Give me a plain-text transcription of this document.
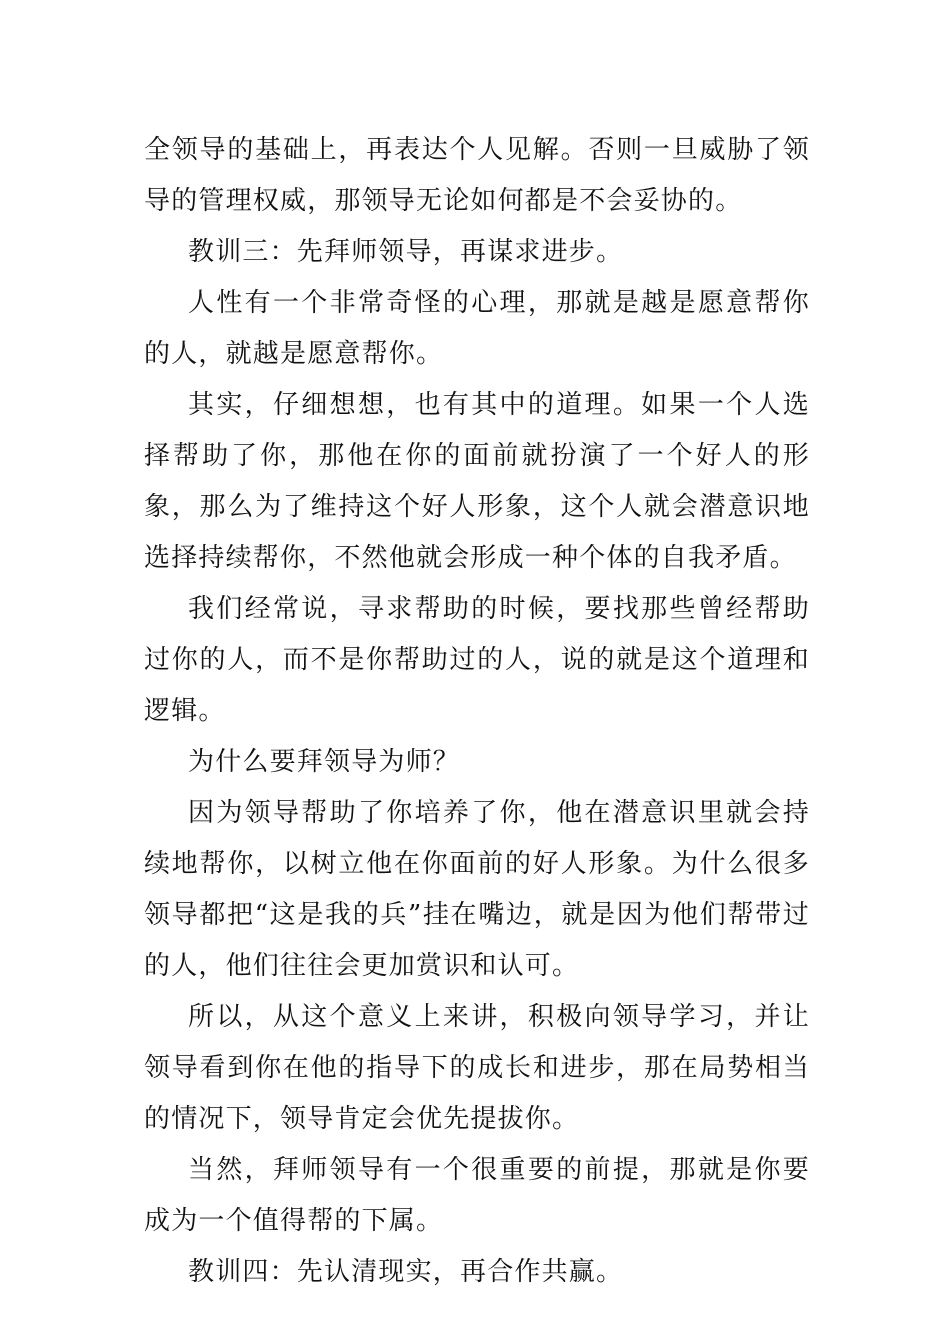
全领导的基础上，再表达个人见解。否则一旦威胁了领导的管理权威，那领导无论如何都是不会妥协的。

教训三：先拜师领导，再谋求进步。

人性有一个非常奇怪的心理，那就是越是愿意帮你的人，就越是愿意帮你。

其实，仔细想想，也有其中的道理。如果一个人选择帮助了你，那他在你的面前就扮演了一个好人的形象，那么为了维持这个好人形象，这个人就会潜意识地选择持续帮你，不然他就会形成一种个体的自我矛盾。

我们经常说，寻求帮助的时候，要找那些曾经帮助过你的人，而不是你帮助过的人，说的就是这个道理和逻辑。

为什么要拜领导为师？

因为领导帮助了你培养了你，他在潜意识里就会持续地帮你，以树立他在你面前的好人形象。为什么很多领导都把“这是我的兵”挂在嘴边，就是因为他们帮带过的人，他们往往会更加赏识和认可。

所以，从这个意义上来讲，积极向领导学习，并让领导看到你在他的指导下的成长和进步，那在局势相当的情况下，领导肯定会优先提拔你。

当然，拜师领导有一个很重要的前提，那就是你要成为一个值得帮的下属。

教训四：先认清现实，再合作共赢。
